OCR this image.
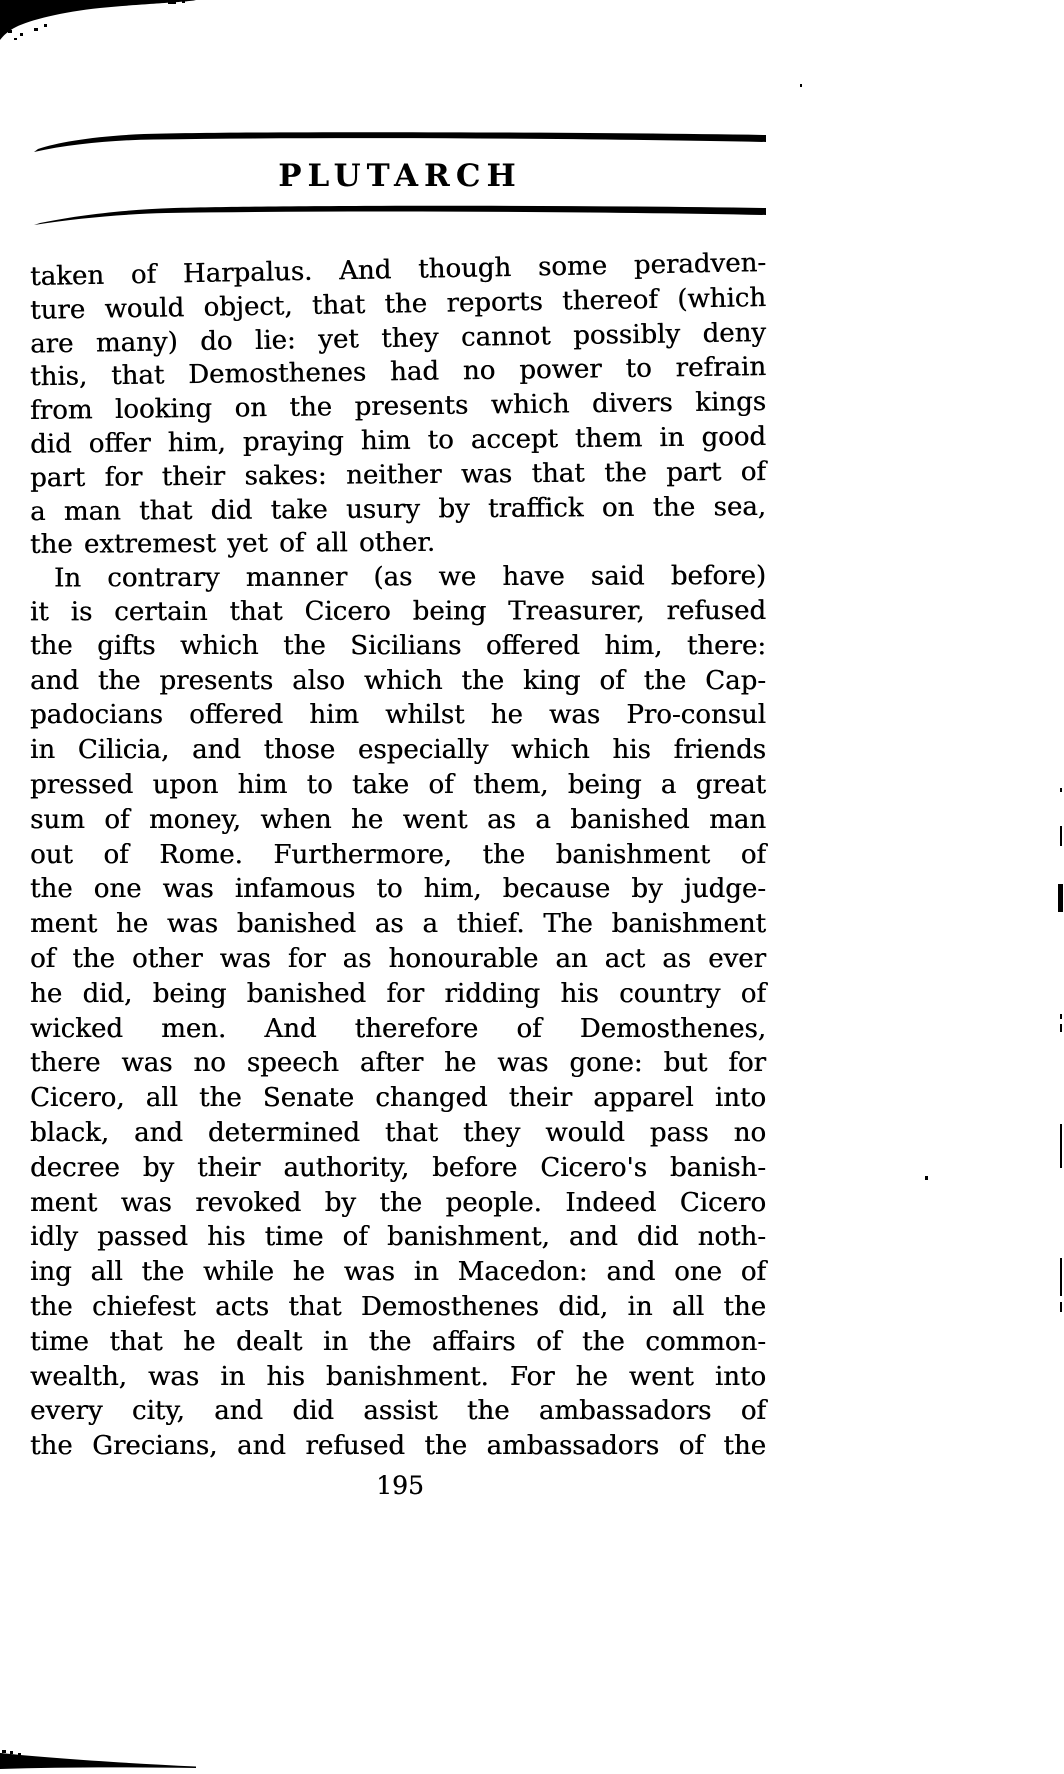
PLUTARCH
taken of Harpalus. And though some peradven-
ture would object, that the reports thereof (which
are many) do lie: yet they cannot possibly deny
this, that Demosthenes had no power to refrain
from looking on the presents which divers kings
did offer him, praying him to accept them in good
part for their sakes: neither was that the part of
a man that did take usury by traffick on the sea,
the extremest yet of all other.
In contrary manner (as we have said before)
it is certain that Cicero being Treasurer, refused
the gifts which the Sicilians offered him, there:
and the presents also which the king of the Cap-
padocians offered him whilst he was Pro-consul
in Cilicia, and those especially which his friends
pressed upon him to take of them, being a great
sum of money, when he went as a banished man
out of Rome. Furthermore, the banishment of
the one was infamous to him, because by judge-
ment he was banished as a thief. The banishment
of the other was for as honourable an act as ever
he did, being banished for ridding his country of
wicked men. And therefore of Demosthenes,
there was no speech after he was gone: but for
Cicero, all the Senate changed their apparel into
black, and determined that they would pass no
decree by their authority, before Cicero's banish-
ment was revoked by the people. Indeed Cicero
idly passed his time of banishment, and did noth-
ing all the while he was in Macedon: and one of
the chiefest acts that Demosthenes did, in all the
time that he dealt in the affairs of the common-
wealth, was in his banishment. For he went into
every city, and did assist the ambassadors of
the Grecians, and refused the ambassadors of the
195
